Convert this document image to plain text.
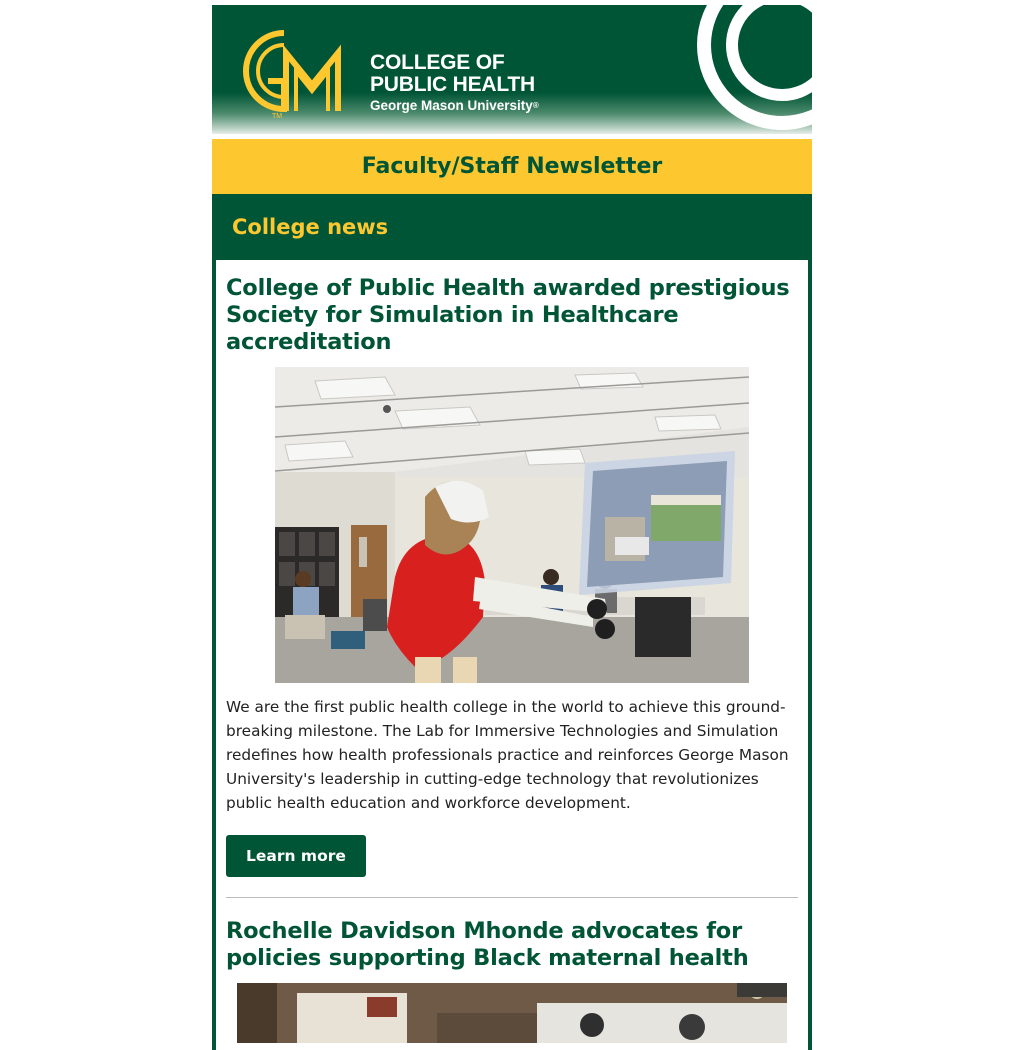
TM
COLLEGE OF
PUBLIC HEALTH
George Mason University®
Faculty/Staff Newsletter
College news
College of Public Health awarded prestigious Society for Simulation in Healthcare accreditation
We are the first public health college in the world to achieve this ground-breaking milestone. The Lab for Immersive Technologies and Simulation redefines how health professionals practice and reinforces George Mason University's leadership in cutting-edge technology that revolutionizes public health education and workforce development.
Learn more
Rochelle Davidson Mhonde advocates for policies supporting Black maternal health
